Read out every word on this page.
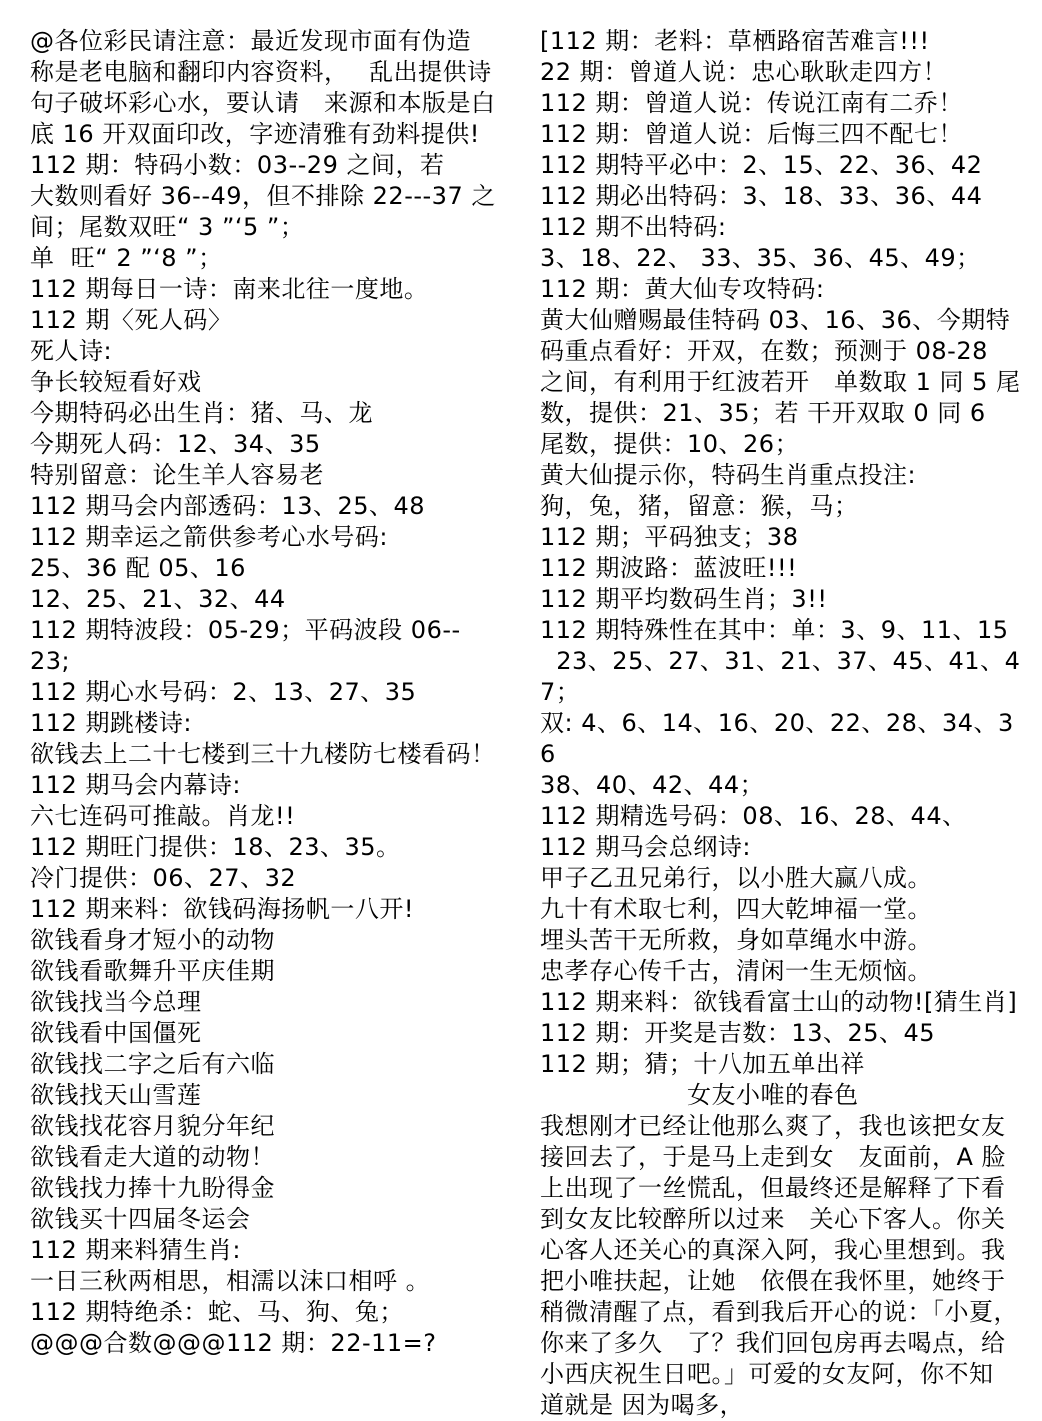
@各位彩民请注意：最近发现市面有伪造
称是老电脑和翻印内容资料，　 乱出提供诗
句子破坏彩心水，要认请　来源和本版是白
底 16 开双面印改，字迹清雅有劲料提供!
112 期：特码小数：03--29 之间，若
大数则看好 36--49，但不排除 22---37 之
间；尾数双旺“ 3 ”‘5 ”；
单  旺“ 2 ”‘8 ”；
112 期每日一诗：南来北往一度地。
112 期〈死人码〉
死人诗:
争长较短看好戏
今期特码必出生肖：猪、马、龙
今期死人码：12、34、35
特别留意：论生羊人容易老
112 期马会内部透码：13、25、48
112 期幸运之箭供参考心水号码:
25、36 配 05、16
12、25、21、32、44
112 期特波段：05-29；平码波段 06--
23;
112 期心水号码：2、13、27、35
112 期跳楼诗:
欲钱去上二十七楼到三十九楼防七楼看码！
112 期马会内幕诗:
六七连码可推敲。肖龙!!
112 期旺门提供：18、23、35。
冷门提供：06、27、32
112 期来料：欲钱码海扬帆一八开!
欲钱看身才短小的动物
欲钱看歌舞升平庆佳期
欲钱找当今总理
欲钱看中国僵死
欲钱找二字之后有六临
欲钱找天山雪莲
欲钱找花容月貌分年纪
欲钱看走大道的动物！
欲钱找力捧十九盼得金
欲钱买十四届冬运会
112 期来料猜生肖:
一日三秋两相思，相濡以沫口相呼 。
112 期特绝杀：蛇、马、狗、兔；
@@@合数@@@112 期：22-11=?
[112 期：老料：草栖路宿苦难言!!!
22 期：曾道人说：忠心耿耿走四方！
112 期：曾道人说：传说江南有二乔！
112 期：曾道人说：后悔三四不配七！
112 期特平必中：2、15、22、36、42
112 期必出特码：3、18、33、36、44
112 期不出特码:
3、18、22、 33、35、36、45、49；
112 期：黄大仙专攻特码:
黄大仙赠赐最佳特码 03、16、36、今期特
码重点看好：开双，在数；预测于 08-28
之间，有利用于红波若开　单数取 1 同 5 尾
数，提供：21、35；若 干开双取 0 同 6
尾数，提供：10、26；
黄大仙提示你，特码生肖重点投注:
狗，兔，猪，留意：猴，马；
112 期；平码独支；38
112 期波路：蓝波旺!!!
112 期平均数码生肖；3!!
112 期特殊性在其中：单：3、9、11、15
23、25、27、31、21、37、45、41、47；
双: 4、6、14、16、20、22、28、34、36
38、40、42、44；
112 期精选号码：08、16、28、44、
112 期马会总纲诗:
甲子乙丑兄弟行，以小胜大赢八成。
九十有术取七利，四大乾坤福一堂。
埋头苦干无所救，身如草绳水中游。
忠孝存心传千古，清闲一生无烦恼。
112 期来料：欲钱看富士山的动物![猜生肖]
112 期：开奖是吉数：13、25、45
112 期；猜；十八加五单出祥
　　　　　　女友小唯的春色
我想刚才已经让他那么爽了，我也该把女友
接回去了，于是马上走到女　友面前，A 脸
上出现了一丝慌乱，但最终还是解释了下看
到女友比较醉所以过来　关心下客人。你关
心客人还关心的真深入阿，我心里想到。我
把小唯扶起，让她　依偎在我怀里，她终于
稍微清醒了点，看到我后开心的说：「小夏，
你来了多久　了？我们回包房再去喝点，给
小西庆祝生日吧。」可爱的女友阿，你不知
道就是 因为喝多，
